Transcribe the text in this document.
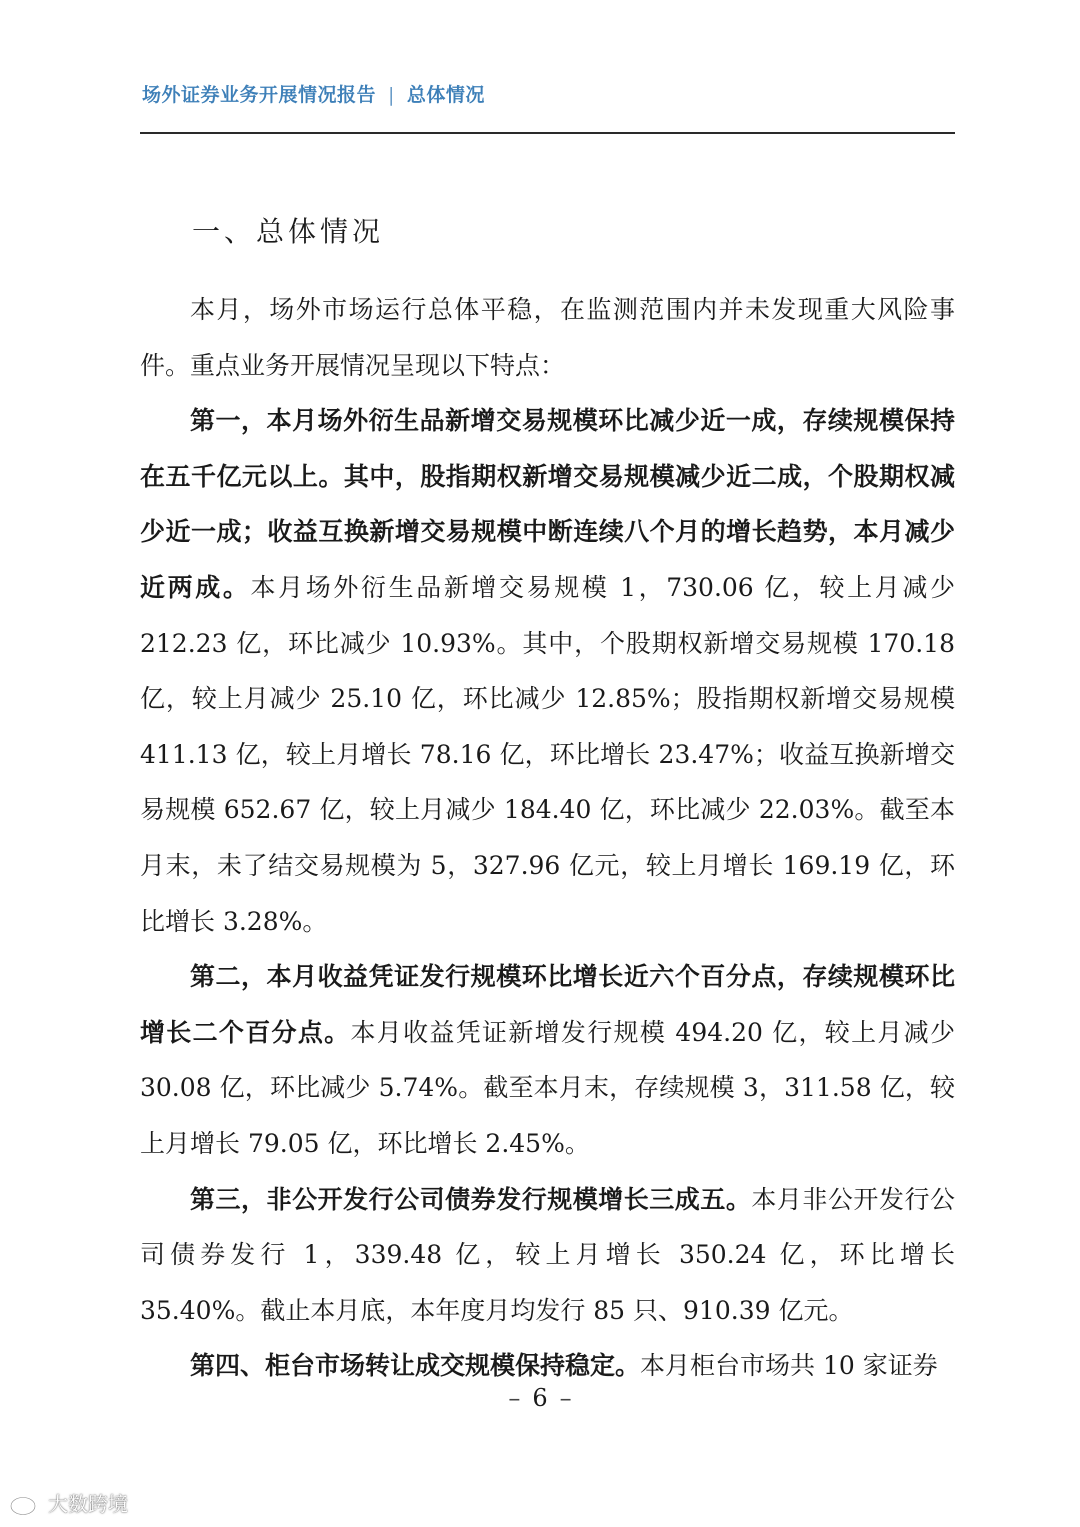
场外证券业务开展情况报告 | 总体情况
一、总体情况

本月，场外市场运行总体平稳，在监测范围内并未发现重大风险事件。重点业务开展情况呈现以下特点：

第一，本月场外衍生品新增交易规模环比减少近一成，存续规模保持在五千亿元以上。其中，股指期权新增交易规模减少近二成，个股期权减少近一成；收益互换新增交易规模中断连续八个月的增长趋势，本月减少近两成。本月场外衍生品新增交易规模 1，730.06 亿，较上月减少 212.23 亿，环比减少 10.93%。其中，个股期权新增交易规模 170.18 亿，较上月减少 25.10 亿，环比减少 12.85%；股指期权新增交易规模 411.13 亿，较上月增长 78.16 亿，环比增长 23.47%；收益互换新增交易规模 652.67 亿，较上月减少 184.40 亿，环比减少 22.03%。截至本月末，未了结交易规模为 5，327.96 亿元，较上月增长 169.19 亿，环比增长 3.28%。

第二，本月收益凭证发行规模环比增长近六个百分点，存续规模环比增长二个百分点。本月收益凭证新增发行规模 494.20 亿，较上月减少 30.08 亿，环比减少 5.74%。截至本月末，存续规模 3，311.58 亿，较上月增长 79.05 亿，环比增长 2.45%。

第三，非公开发行公司债券发行规模增长三成五。本月非公开发行公司债券发行 1，339.48 亿，较上月增长 350.24 亿，环比增长 35.40%。截止本月底，本年度月均发行 85 只、910.39 亿元。

第四、柜台市场转让成交规模保持稳定。本月柜台市场共 10 家证券

– 6 –
大数跨境
